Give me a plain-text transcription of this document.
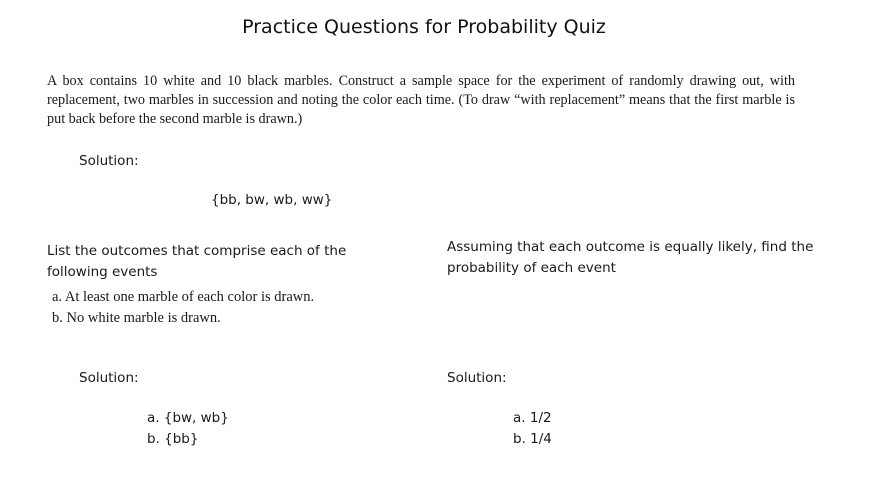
Practice Questions for Probability Quiz

A box contains 10 white and 10 black marbles. Construct a sample space for the experiment of randomly drawing out, with replacement, two marbles in succession and noting the color each time. (To draw “with replacement” means that the first marble is put back before the second marble is drawn.)

Solution:
{bb, bw, wb, ww}
List the outcomes that comprise each of the following events
a. At least one marble of each color is drawn.
b. No white marble is drawn.
Assuming that each outcome is equally likely, find the probability of each event
Solution:	Solution:
a. {bw, wb}
b. {bb}
a. 1/2
b. 1/4
